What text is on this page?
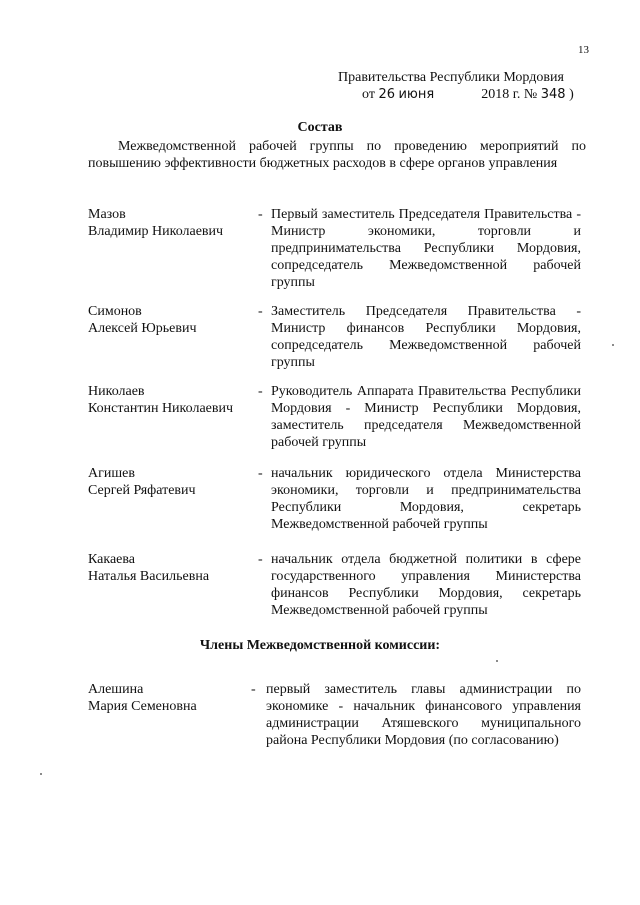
13
Правительства Республики Мордовия
от 26 июня	2018 г. № 348 )
Состав
Межведомственной рабочей группы по проведению мероприятий по повышению эффективности бюджетных расходов в сфере органов управления
Мазов
Владимир Николаевич
- Первый заместитель Председателя Правительства - Министр экономики, торговли и предпринимательства Республики Мордовия, сопредседатель Межведомственной рабочей группы
Симонов
Алексей Юрьевич
- Заместитель Председателя Правительства - Министр финансов Республики Мордовия, сопредседатель Межведомственной рабочей группы
Николаев
Константин Николаевич
- Руководитель Аппарата Правительства Республики Мордовия - Министр Республики Мордовия, заместитель председателя Межведомственной рабочей группы
Агишев
Сергей Ряфатевич
- начальник юридического отдела Министерства экономики, торговли и предпринимательства Республики Мордовия, секретарь Межведомственной рабочей группы
Какаева
Наталья Васильевна
- начальник отдела бюджетной политики в сфере государственного управления Министерства финансов Республики Мордовия, секретарь Межведомственной рабочей группы
Члены Межведомственной комиссии:
Алешина
Мария Семеновна
- первый заместитель главы администрации по экономике - начальник финансового управления администрации Атяшевского муниципального района Республики Мордовия (по согласованию)
